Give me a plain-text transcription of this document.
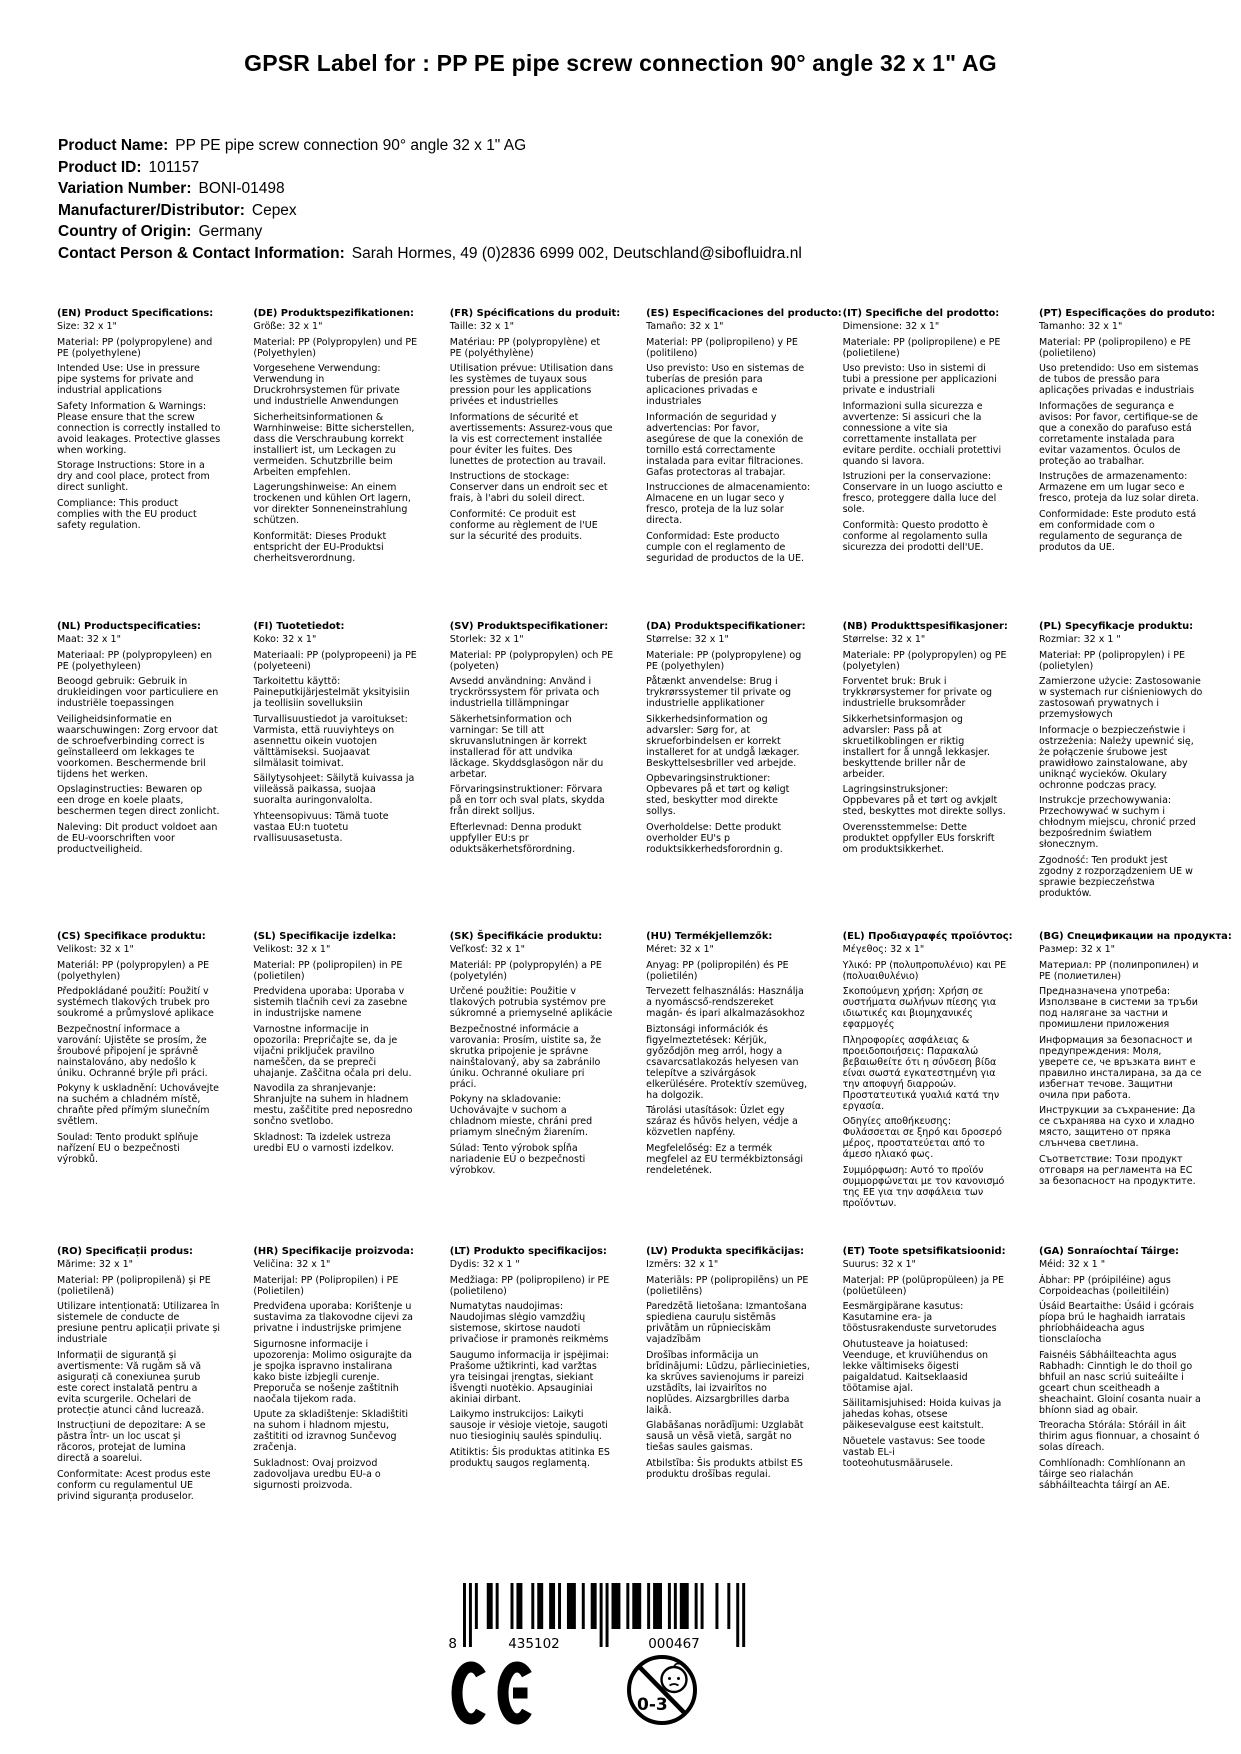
GPSR Label for : PP PE pipe screw connection 90° angle 32 x 1" AG
Product Name: PP PE pipe screw connection 90° angle 32 x 1" AG
Product ID: 101157
Variation Number: BONI-01498
Manufacturer/Distributor: Cepex
Country of Origin: Germany
Contact Person & Contact Information: Sarah Hormes, 49 (0)2836 6999 002, Deutschland@sibofluidra.nl
(EN) Product Specifications:

Size: 32 x 1"

Material: PP (polypropylene) and PE (polyethylene)

Intended Use: Use in pressure pipe systems for private and industrial applications

Safety Information & Warnings: Please ensure that the screw connection is correctly installed to avoid leakages. Protective glasses when working.

Storage Instructions: Store in a dry and cool place, protect from direct sunlight.

Compliance: This product complies with the EU product safety regulation.

(DE) Produktspezifikationen:

Größe: 32 x 1"

Material: PP (Polypropylen) und PE (Polyethylen)

Vorgesehene Verwendung: Verwendung in Druckrohrsystemen für private und industrielle Anwendungen

Sicherheitsinformationen & Warnhinweise: Bitte sicherstellen, dass die Verschraubung korrekt installiert ist, um Leckagen zu vermeiden. Schutzbrille beim Arbeiten empfehlen.

Lagerungshinweise: An einem trockenen und kühlen Ort lagern, vor direkter Sonneneinstrahlung schützen.

Konformität: Dieses Produkt entspricht der EU-Produktsi cherheitsverordnung.

(FR) Spécifications du produit:

Taille: 32 x 1"

Matériau: PP (polypropylène) et PE (polyéthylène)

Utilisation prévue: Utilisation dans les systèmes de tuyaux sous pression pour les applications privées et industrielles

Informations de sécurité et avertissements: Assurez-vous que la vis est correctement installée pour éviter les fuites. Des lunettes de protection au travail.

Instructions de stockage: Conserver dans un endroit sec et frais, à l'abri du soleil direct.

Conformité: Ce produit est conforme au règlement de l'UE sur la sécurité des produits.

(ES) Especificaciones del producto:

Tamaño: 32 x 1"

Material: PP (polipropileno) y PE (politileno)

Uso previsto: Uso en sistemas de tuberías de presión para aplicaciones privadas e industriales

Información de seguridad y advertencias: Por favor, asegúrese de que la conexión de tornillo está correctamente instalada para evitar filtraciones. Gafas protectoras al trabajar.

Instrucciones de almacenamiento: Almacene en un lugar seco y fresco, proteja de la luz solar directa.

Conformidad: Este producto cumple con el reglamento de seguridad de productos de la UE.

(IT) Specifiche del prodotto:

Dimensione: 32 x 1"

Materiale: PP (polipropilene) e PE (polietilene)

Uso previsto: Uso in sistemi di tubi a pressione per applicazioni private e industriali

Informazioni sulla sicurezza e avvertenze: Si assicuri che la connessione a vite sia correttamente installata per evitare perdite. occhiali protettivi quando si lavora.

Istruzioni per la conservazione: Conservare in un luogo asciutto e fresco, proteggere dalla luce del sole.

Conformità: Questo prodotto è conforme al regolamento sulla sicurezza dei prodotti dell'UE.

(PT) Especificações do produto:

Tamanho: 32 x 1"

Material: PP (polipropileno) e PE (polietileno)

Uso pretendido: Uso em sistemas de tubos de pressão para aplicações privadas e industriais

Informações de segurança e avisos: Por favor, certifique-se de que a conexão do parafuso está corretamente instalada para evitar vazamentos. Óculos de proteção ao trabalhar.

Instruções de armazenamento: Armazene em um lugar seco e fresco, proteja da luz solar direta.

Conformidade: Este produto está em conformidade com o regulamento de segurança de produtos da UE.

(NL) Productspecificaties:

Maat: 32 x 1"

Materiaal: PP (polypropyleen) en PE (polyethyleen)

Beoogd gebruik: Gebruik in drukleidingen voor particuliere en industriële toepassingen

Veiligheidsinformatie en waarschuwingen: Zorg ervoor dat de schroefverbinding correct is geïnstalleerd om lekkages te voorkomen. Beschermende bril tijdens het werken.

Opslaginstructies: Bewaren op een droge en koele plaats, beschermen tegen direct zonlicht.

Naleving: Dit product voldoet aan de EU-voorschriften voor productveiligheid.

(FI) Tuotetiedot:

Koko: 32 x 1"

Materiaali: PP (polypropeeni) ja PE (polyeteeni)

Tarkoitettu käyttö: Paineputkijärjestelmät yksityisiin ja teollisiin sovelluksiin

Turvallisuustiedot ja varoitukset: Varmista, että ruuviyhteys on asennettu oikein vuotojen välttämiseksi. Suojaavat silmälasit toimivat.

Säilytysohjeet: Säilytä kuivassa ja viileässä paikassa, suojaa suoralta auringonvalolta.

Yhteensopivuus: Tämä tuote vastaa EU:n tuotetu rvallisuusasetusta.

(SV) Produktspecifikationer:

Storlek: 32 x 1"

Material: PP (polypropylen) och PE (polyeten)

Avsedd användning: Använd i tryckrörssystem för privata och industriella tillämpningar

Säkerhetsinformation och varningar: Se till att skruvanslutningen är korrekt installerad för att undvika läckage. Skyddsglasögon när du arbetar.

Förvaringsinstruktioner: Förvara på en torr och sval plats, skydda från direkt solljus.

Efterlevnad: Denna produkt uppfyller EU:s pr oduktsäkerhetsförordning.

(DA) Produktspecifikationer:

Størrelse: 32 x 1"

Materiale: PP (polypropylene) og PE (polyethylen)

Påtænkt anvendelse: Brug i trykrørssystemer til private og industrielle applikationer

Sikkerhedsinformation og advarsler: Sørg for, at skrueforbindelsen er korrekt installeret for at undgå lækager. Beskyttelsesbriller ved arbejde.

Opbevaringsinstruktioner: Opbevares på et tørt og køligt sted, beskytter mod direkte sollys.

Overholdelse: Dette produkt overholder EU's p roduktsikkerhedsforordnin g.

(NB) Produkttspesifikasjoner:

Størrelse: 32 x 1"

Materiale: PP (polypropylen) og PE (polyetylen)

Forventet bruk: Bruk i trykkrørsystemer for private og industrielle bruksområder

Sikkerhetsinformasjon og advarsler: Pass på at skruetilkoblingen er riktig installert for å unngå lekkasjer. beskyttende briller når de arbeider.

Lagringsinstruksjoner: Oppbevares på et tørt og avkjølt sted, beskyttes mot direkte sollys.

Overensstemmelse: Dette produktet oppfyller EUs forskrift om produktsikkerhet.

(PL) Specyfikacje produktu:

Rozmiar: 32 x 1 "

Materiał: PP (polipropylen) i PE (polietylen)

Zamierzone użycie: Zastosowanie w systemach rur ciśnieniowych do zastosowań prywatnych i przemysłowych

Informacje o bezpieczeństwie i ostrzeżenia: Należy upewnić się, że połączenie śrubowe jest prawidłowo zainstalowane, aby uniknąć wycieków. Okulary ochronne podczas pracy.

Instrukcje przechowywania: Przechowywać w suchym i chłodnym miejscu, chronić przed bezpośrednim światłem słonecznym.

Zgodność: Ten produkt jest zgodny z rozporządzeniem UE w sprawie bezpieczeństwa produktów.

(CS) Specifikace produktu:

Velikost: 32 x 1"

Materiál: PP (polypropylen) a PE (polyethylen)

Předpokládané použití: Použití v systémech tlakových trubek pro soukromé a průmyslové aplikace

Bezpečnostní informace a varování: Ujistěte se prosím, že šroubové připojení je správně nainstalováno, aby nedošlo k úniku. Ochranné brýle při práci.

Pokyny k uskladnění: Uchovávejte na suchém a chladném místě, chraňte před přímým slunečním světlem.

Soulad: Tento produkt splňuje nařízení EU o bezpečnosti výrobků.

(SL) Specifikacije izdelka:

Velikost: 32 x 1"

Material: PP (polipropilen) in PE (polietilen)

Predvidena uporaba: Uporaba v sistemih tlačnih cevi za zasebne in industrijske namene

Varnostne informacije in opozorila: Prepričajte se, da je vijačni priključek pravilno nameščen, da se prepreči uhajanje. Zaščitna očala pri delu.

Navodila za shranjevanje: Shranjujte na suhem in hladnem mestu, zaščitite pred neposredno sončno svetlobo.

Skladnost: Ta izdelek ustreza uredbi EU o varnosti izdelkov.

(SK) Špecifikácie produktu:

Veľkosť: 32 x 1"

Materiál: PP (polypropylén) a PE (polyetylén)

Určené použitie: Použitie v tlakových potrubia systémov pre súkromné a priemyselné aplikácie

Bezpečnostné informácie a varovania: Prosím, uistite sa, že skrutka pripojenie je správne nainštalovaný, aby sa zabránilo úniku. Ochranné okuliare pri práci.

Pokyny na skladovanie: Uchovávajte v suchom a chladnom mieste, chráni pred priamym slnečným žiarením.

Súlad: Tento výrobok spĺňa nariadenie EÚ o bezpečnosti výrobkov.

(HU) Termékjellemzők:

Méret: 32 x 1"

Anyag: PP (polipropilén) és PE (polietilén)

Tervezett felhasználás: Használja a nyomáscső-rendszereket magán- és ipari alkalmazásokhoz

Biztonsági információk és figyelmeztetések: Kérjük, győződjön meg arról, hogy a csavarcsatlakozás helyesen van telepítve a szivárgások elkerülésére. Protektív szemüveg, ha dolgozik.

Tárolási utasítások: Üzlet egy száraz és hűvös helyen, védje a közvetlen napfény.

Megfelelőség: Ez a termék megfelel az EU termékbiztonsági rendeletének.

(EL) Προδιαγραφές προϊόντος:

Μέγεθος: 32 x 1"

Υλικό: PP (πολυπροπυλένιο) και PE (πολυαιθυλένιο)

Σκοπούμενη χρήση: Χρήση σε συστήματα σωλήνων πίεσης για ιδιωτικές και βιομηχανικές εφαρμογές

Πληροφορίες ασφάλειας & προειδοποιήσεις: Παρακαλώ βεβαιωθείτε ότι η σύνδεση βίδα είναι σωστά εγκατεστημένη για την αποφυγή διαρροών. Προστατευτικά γυαλιά κατά την εργασία.

Οδηγίες αποθήκευσης: Φυλάσσεται σε ξηρό και δροσερό μέρος, προστατεύεται από το άμεσο ηλιακό φως.

Συμμόρφωση: Αυτό το προϊόν συμμορφώνεται με τον κανονισμό της ΕΕ για την ασφάλεια των προϊόντων.

(BG) Спецификации на продукта:

Размер: 32 x 1"

Материал: PP (полипропилен) и PE (полиетилен)

Предназначена употреба: Използване в системи за тръби под налягане за частни и промишлени приложения

Информация за безопасност и предупреждения: Моля, уверете се, че връзката винт е правилно инсталирана, за да се избегнат течове. Защитни очила при работа.

Инструкции за съхранение: Да се съхранява на сухо и хладно място, защитено от пряка слънчева светлина.

Съответствие: Този продукт отговаря на регламента на ЕС за безопасност на продуктите.

(RO) Specificații produs:

Mărime: 32 x 1"

Material: PP (polipropilenă) și PE (polietilenă)

Utilizare intenționată: Utilizarea în sistemele de conducte de presiune pentru aplicații private și industriale

Informații de siguranță și avertismente: Vă rugăm să vă asigurați că conexiunea șurub este corect instalată pentru a evita scurgerile. Ochelari de protecție atunci când lucrează.

Instrucțiuni de depozitare: A se păstra într- un loc uscat și răcoros, protejat de lumina directă a soarelui.

Conformitate: Acest produs este conform cu regulamentul UE privind siguranța produselor.

(HR) Specifikacije proizvoda:

Veličina: 32 x 1"

Materijal: PP (Polipropilen) i PE (Polietilen)

Predviđena uporaba: Korištenje u sustavima za tlakovodne cijevi za privatne i industrijske primjene

Sigurnosne informacije i upozorenja: Molimo osigurajte da je spojka ispravno instalirana kako biste izbjegli curenje. Preporuča se nošenje zaštitnih naočala tijekom rada.

Upute za skladištenje: Skladištiti na suhom i hladnom mjestu, zaštititi od izravnog Sunčevog zračenja.

Sukladnost: Ovaj proizvod zadovoljava uredbu EU-a o sigurnosti proizvoda.

(LT) Produkto specifikacijos:

Dydis: 32 x 1 "

Medžiaga: PP (polipropileno) ir PE (polietileno)

Numatytas naudojimas: Naudojimas slėgio vamzdžių sistemose, skirtose naudoti privačiose ir pramonės reikmėms

Saugumo informacija ir įspėjimai: Prašome užtikrinti, kad varžtas yra teisingai įrengtas, siekiant išvengti nuotėkio. Apsauginiai akiniai dirbant.

Laikymo instrukcijos: Laikyti sausoje ir vėsioje vietoje, saugoti nuo tiesioginių saulės spindulių.

Atitiktis: Šis produktas atitinka ES produktų saugos reglamentą.

(LV) Produkta specifikācijas:

Izmērs: 32 x 1"

Materiāls: PP (polipropilēns) un PE (polietilēns)

Paredzētā lietošana: Izmantošana spiediena cauruļu sistēmās privātām un rūpnieciskām vajadzībām

Drošības informācija un brīdinājumi: Lūdzu, pārliecinieties, ka skrūves savienojums ir pareizi uzstādīts, lai izvairītos no noplūdes. Aizsargbrilles darba laikā.

Glabāšanas norādījumi: Uzglabāt sausā un vēsā vietā, sargāt no tiešas saules gaismas.

Atbilstība: Šis produkts atbilst ES produktu drošības regulai.

(ET) Toote spetsifikatsioonid:

Suurus: 32 x 1"

Materjal: PP (polüpropüleen) ja PE (polüetüleen)

Eesmärgipärane kasutus: Kasutamine era- ja tööstusrakenduste survetorudes

Ohutusteave ja hoiatused: Veenduge, et kruviühendus on lekke vältimiseks õigesti paigaldatud. Kaitseklaasid töötamise ajal.

Säilitamisjuhised: Hoida kuivas ja jahedas kohas, otsese päikesevalguse eest kaitstult.

Nõuetele vastavus: See toode vastab EL-i tooteohutusmäärusele.

(GA) Sonraíochtaí Táirge:

Méid: 32 x 1 "

Ábhar: PP (próipiléine) agus Corpoideachas (poileitiléin)

Úsáid Beartaithe: Úsáid i gcórais píopa brú le haghaidh iarratais phríobháideacha agus tionsclaíocha

Faisnéis Sábháilteachta agus Rabhadh: Cinntigh le do thoil go bhfuil an nasc scriú suiteáilte i gceart chun sceitheadh a sheachaint. Gloiní cosanta nuair a bhíonn siad ag obair.

Treoracha Stórála: Stóráil in áit thirim agus fionnuar, a chosaint ó solas díreach.

Comhlíonadh: Comhlíonann an táirge seo rialachán sábháilteachta táirgí an AE.

8	435102	000467
0-3
